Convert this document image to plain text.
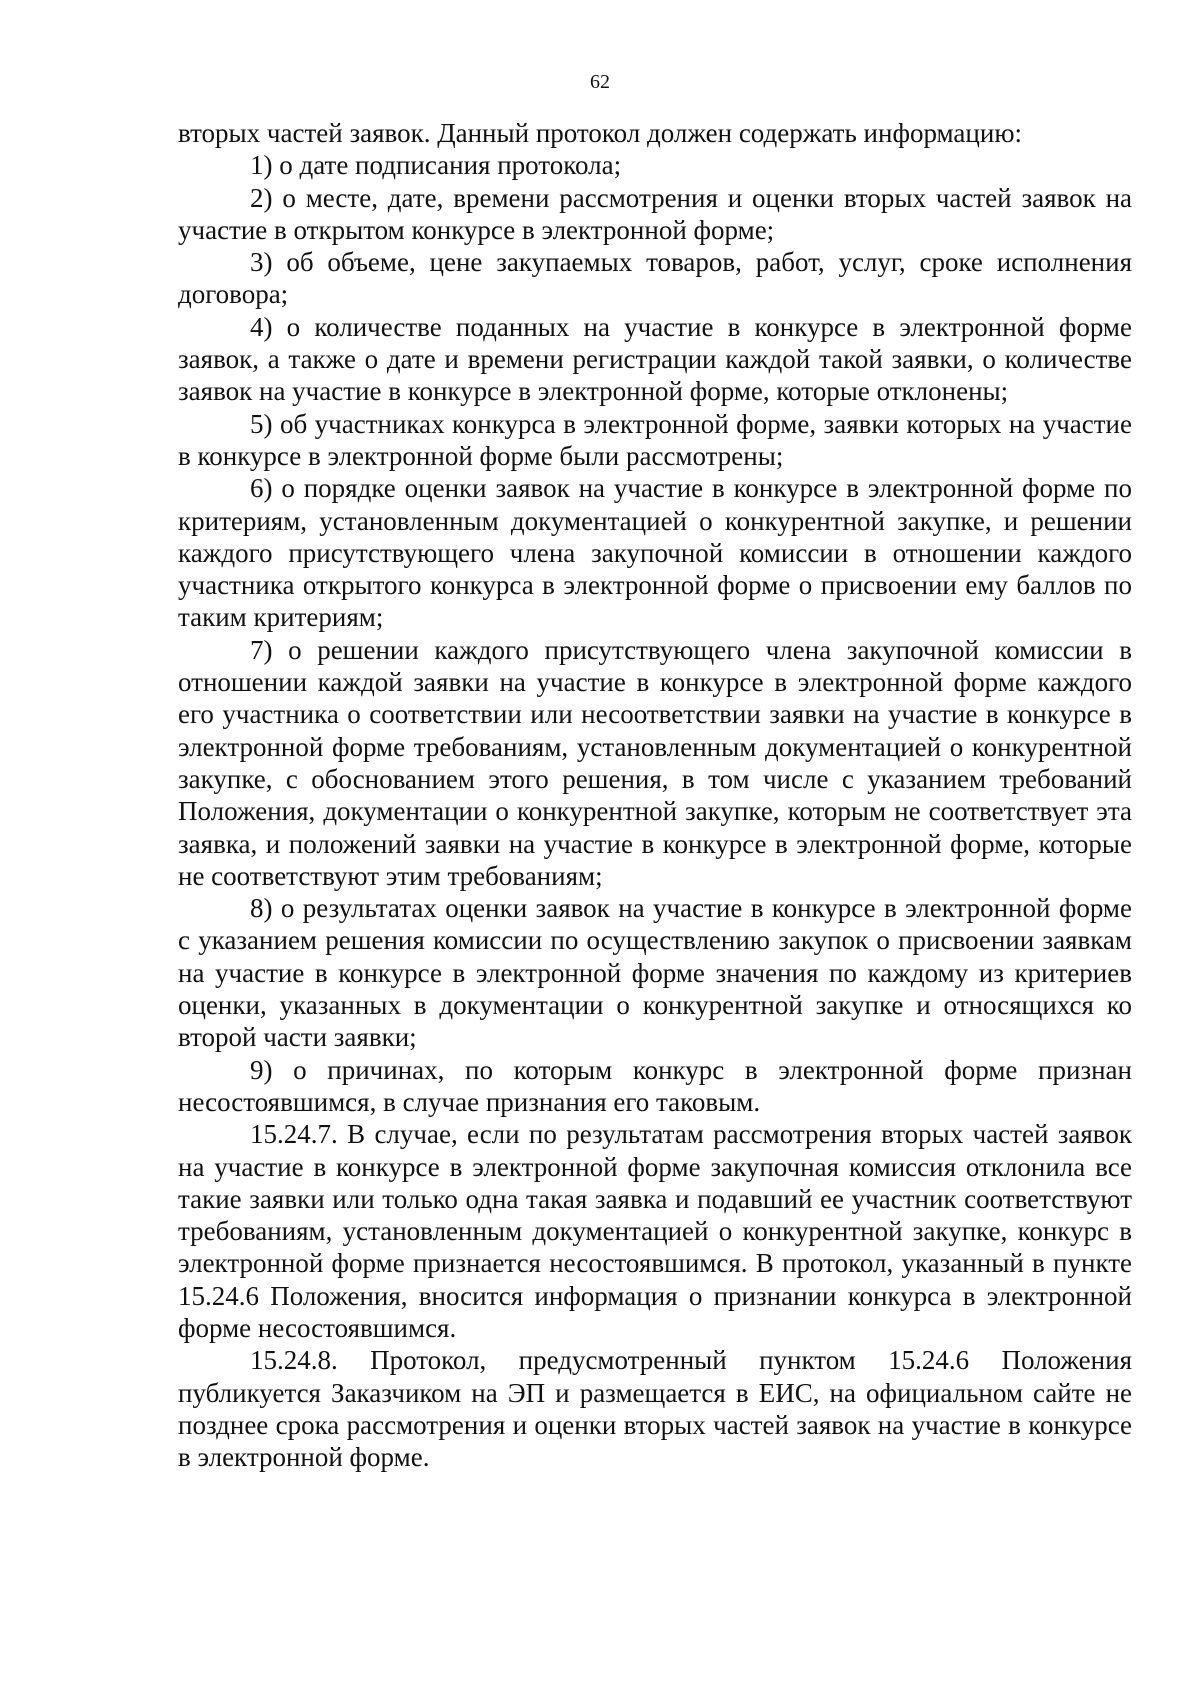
62

вторых частей заявок. Данный протокол должен содержать информацию:

1) о дате подписания протокола;

2) о месте, дате, времени рассмотрения и оценки вторых частей заявок на участие в открытом конкурсе в электронной форме;

3) об объеме, цене закупаемых товаров, работ, услуг, сроке исполнения договора;

4) о количестве поданных на участие в конкурсе в электронной форме заявок, а также о дате и времени регистрации каждой такой заявки, о количестве заявок на участие в конкурсе в электронной форме, которые отклонены;

5) об участниках конкурса в электронной форме, заявки которых на участие в конкурсе в электронной форме были рассмотрены;

6) о порядке оценки заявок на участие в конкурсе в электронной форме по критериям, установленным документацией о конкурентной закупке, и решении каждого присутствующего члена закупочной комиссии в отношении каждого участника открытого конкурса в электронной форме о присвоении ему баллов по таким критериям;

7) о решении каждого присутствующего члена закупочной комиссии в отношении каждой заявки на участие в конкурсе в электронной форме каждого его участника о соответствии или несоответствии заявки на участие в конкурсе в электронной форме требованиям, установленным документацией о конкурентной закупке, с обоснованием этого решения, в том числе с указанием требований Положения, документации о конкурентной закупке, которым не соответствует эта заявка, и положений заявки на участие в конкурсе в электронной форме, которые не соответствуют этим требованиям;

8) о результатах оценки заявок на участие в конкурсе в электронной форме с указанием решения комиссии по осуществлению закупок о присвоении заявкам на участие в конкурсе в электронной форме значения по каждому из критериев оценки, указанных в документации о конкурентной закупке и относящихся ко второй части заявки;

9) о причинах, по которым конкурс в электронной форме признан несостоявшимся, в случае признания его таковым.

15.24.7. В случае, если по результатам рассмотрения вторых частей заявок на участие в конкурсе в электронной форме закупочная комиссия отклонила все такие заявки или только одна такая заявка и подавший ее участник соответствуют требованиям, установленным документацией о конкурентной закупке, конкурс в электронной форме признается несостоявшимся. В протокол, указанный в пункте 15.24.6 Положения, вносится информация о признании конкурса в электронной форме несостоявшимся.

15.24.8. Протокол, предусмотренный пунктом 15.24.6 Положения публикуется Заказчиком на ЭП и размещается в ЕИС, на официальном сайте не позднее срока рассмотрения и оценки вторых частей заявок на участие в конкурсе в электронной форме.
